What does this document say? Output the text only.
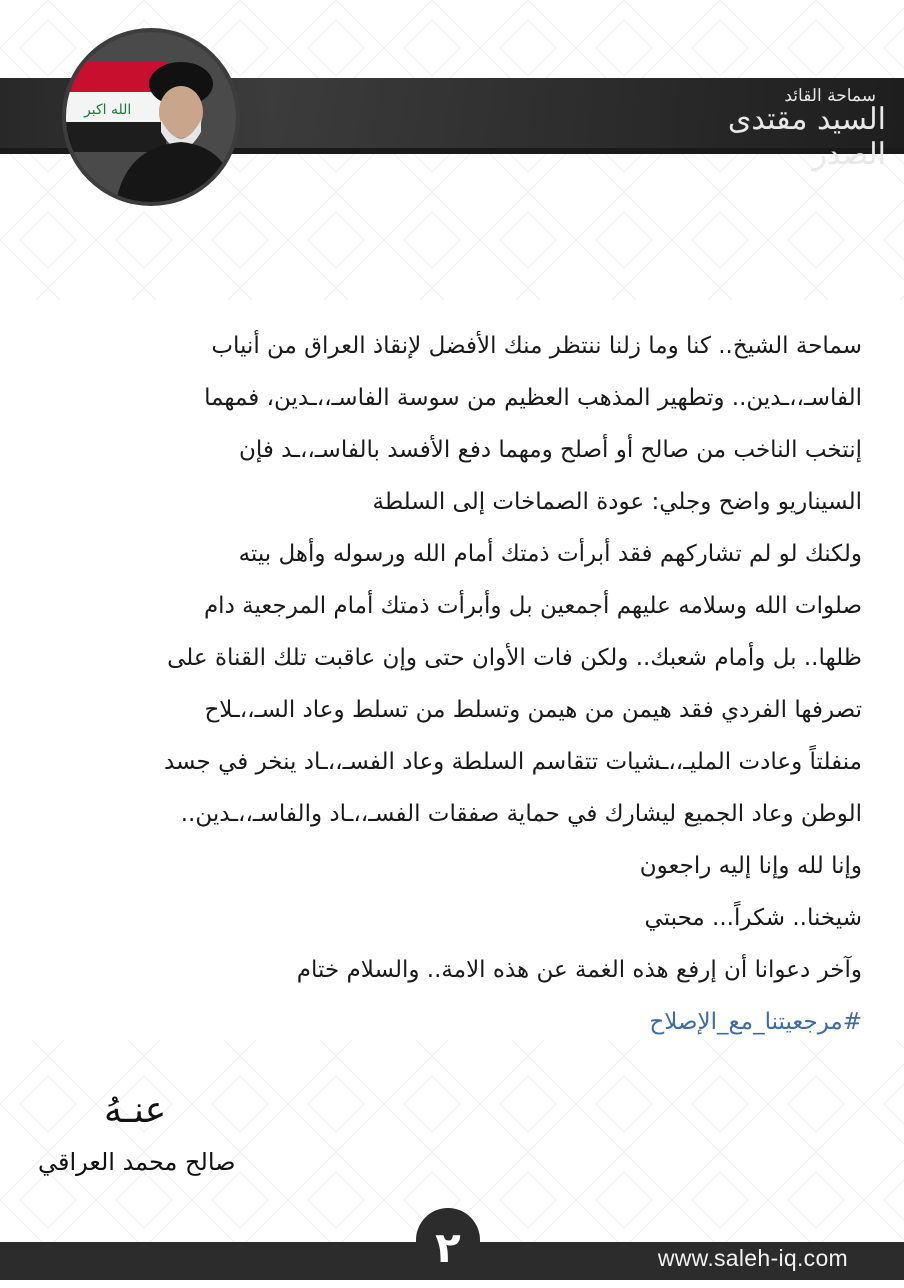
سماحة القائد
السيد مقتدى الصدر
الله اكبر

سماحة الشيخ.. كنا وما زلنا ننتظر منك الأفضل لإنقاذ العراق من أنياب

الفاسـ،،ـدين.. وتطهير المذهب العظيم من سوسة الفاسـ،،ـدين، فمهما

إنتخب الناخب من صالح أو أصلح ومهما دفع الأفسد بالفاسـ،،ـد فإن

السيناريو واضح وجلي: عودة الصماخات إلى السلطة

ولكنك لو لم تشاركهم فقد أبرأت ذمتك أمام الله ورسوله وأهل بيته

صلوات الله وسلامه عليهم أجمعين بل وأبرأت ذمتك أمام المرجعية دام

ظلها.. بل وأمام شعبك.. ولكن فات الأوان حتى وإن عاقبت تلك القناة على

تصرفها الفردي فقد هيمن من هيمن وتسلط من تسلط وعاد السـ،،ـلاح

منفلتاً وعادت المليـ،،ـشيات تتقاسم السلطة وعاد الفسـ،،ـاد ينخر في جسد

الوطن وعاد الجميع ليشارك في حماية صفقات الفسـ،،ـاد والفاسـ،،ـدين..

وإنا لله وإنا إليه راجعون

شيخنا.. شكراً... محبتي

وآخر دعوانا أن إرفع هذه الغمة عن هذه الامة.. والسلام ختام

#مرجعيتنا_مع_الإصلاح

عنـهُ
صالح محمد العراقي
٢	www.saleh-iq.com
